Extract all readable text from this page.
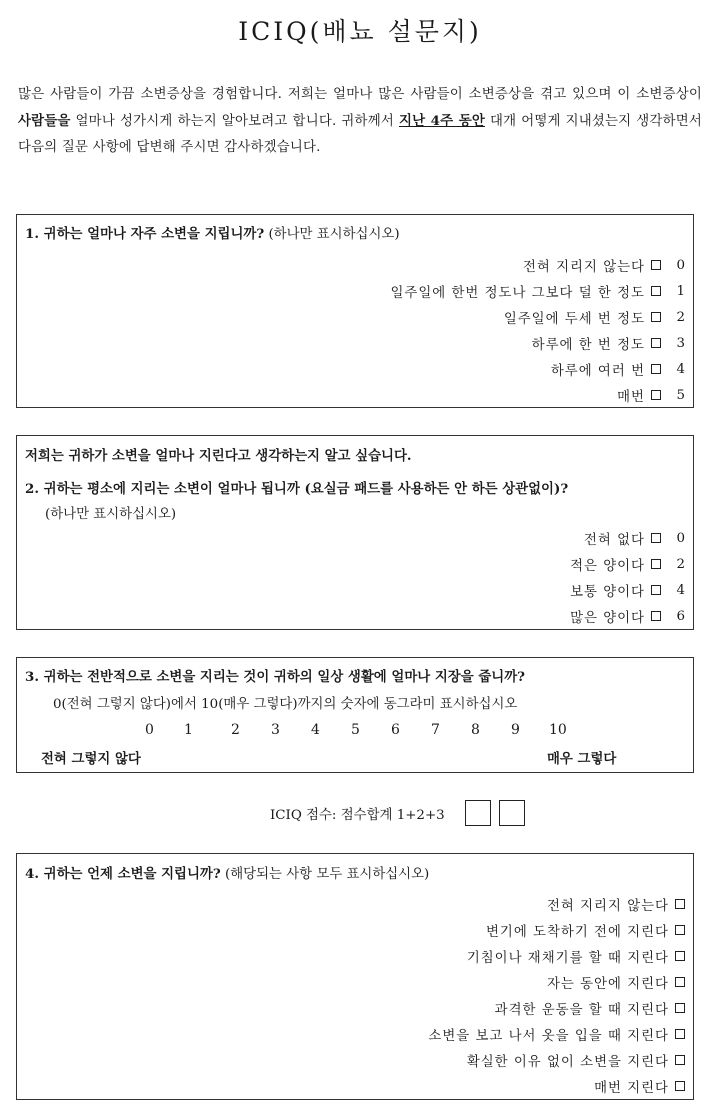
ICIQ(배뇨 설문지)
많은 사람들이 가끔 소변증상을 경험합니다. 저희는 얼마나 많은 사람들이 소변증상을 겪고 있으며 이 소변증상이 사람들을 얼마나 성가시게 하는지 알아보려고 합니다. 귀하께서 지난 4주 동안 대개 어떻게 지내셨는지 생각하면서 다음의 질문 사항에 답변해 주시면 감사하겠습니다.
1. 귀하는 얼마나 자주 소변을 지립니까? (하나만 표시하십시오)
전혀 지리지 않는다	0
일주일에 한번 정도나 그보다 덜 한 정도	1
일주일에 두세 번 정도	2
하루에 한 번 정도	3
하루에 여러 번	4
매번	5
저희는 귀하가 소변을 얼마나 지린다고 생각하는지 알고 싶습니다.
2. 귀하는 평소에 지리는 소변이 얼마나 됩니까 (요실금 패드를 사용하든 안 하든 상관없이)?
(하나만 표시하십시오)
전혀 없다	0
적은 양이다	2
보통 양이다	4
많은 양이다	6
3. 귀하는 전반적으로 소변을 지리는 것이 귀하의 일상 생활에 얼마나 지장을 줍니까?
0(전혀 그렇지 않다)에서 10(매우 그렇다)까지의 숫자에 동그라미 표시하십시오
0 1	2 3 4 5 6 7 8 9 10
전혀 그렇지 않다	매우 그렇다
ICIQ 점수: 점수합계 1+2+3
4. 귀하는 언제 소변을 지립니까? (해당되는 사항 모두 표시하십시오)
전혀 지리지 않는다
변기에 도착하기 전에 지린다
기침이나 재채기를 할 때 지린다
자는 동안에 지린다
과격한 운동을 할 때 지린다
소변을 보고 나서 옷을 입을 때 지린다
확실한 이유 없이 소변을 지린다
매번 지린다
